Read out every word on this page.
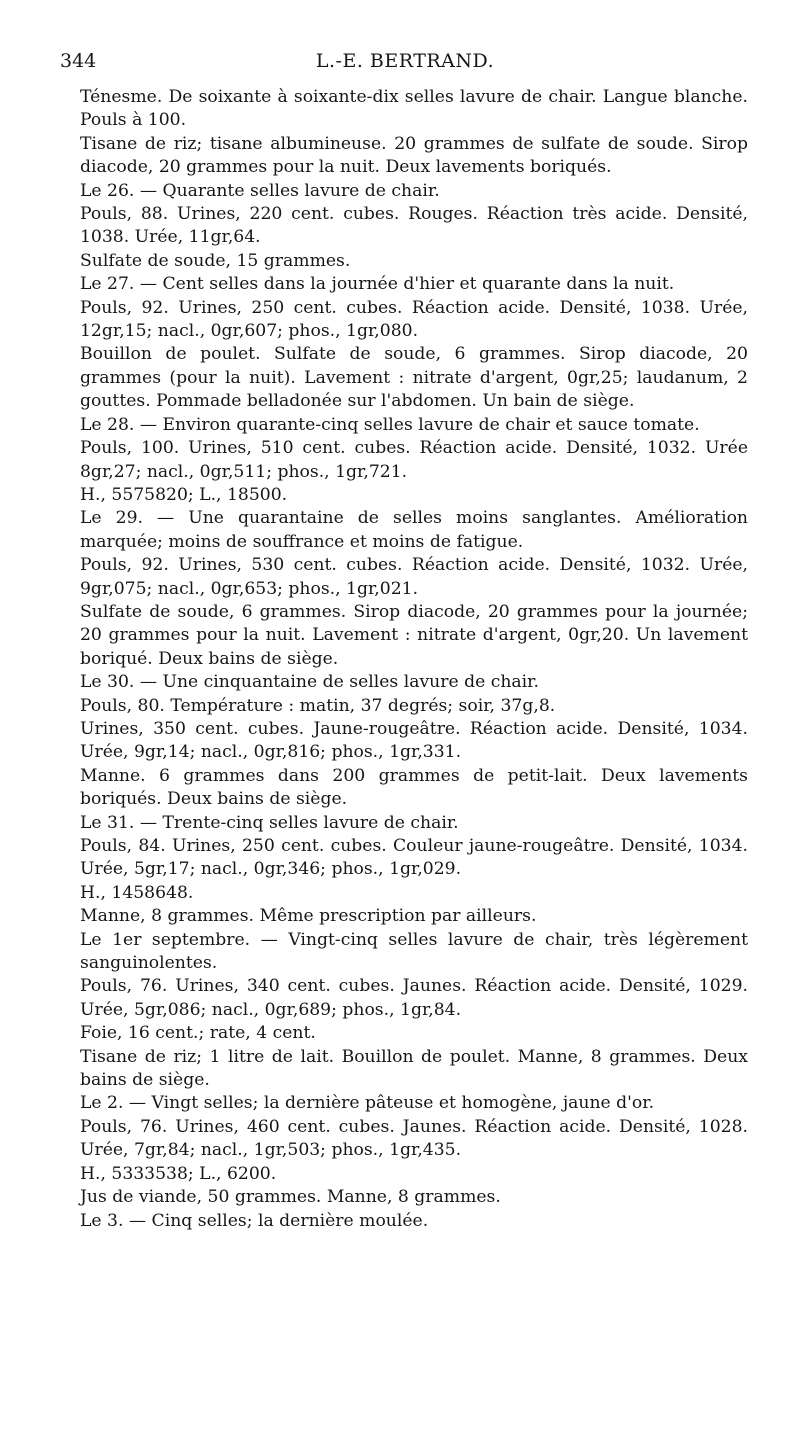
344	L.-E. BERTRAND.

Ténesme. De soixante à soixante-dix selles lavure de chair. Langue blanche. Pouls à 100.

Tisane de riz; tisane albumineuse. 20 grammes de sulfate de soude. Sirop diacode, 20 grammes pour la nuit. Deux lavements boriqués.

Le 26. — Quarante selles lavure de chair.

Pouls, 88. Urines, 220 cent. cubes. Rouges. Réaction très acide. Densité, 1038. Urée, 11gr,64.

Sulfate de soude, 15 grammes.

Le 27. — Cent selles dans la journée d'hier et quarante dans la nuit.

Pouls, 92. Urines, 250 cent. cubes. Réaction acide. Densité, 1038. Urée, 12gr,15; nacl., 0gr,607; phos., 1gr,080.

Bouillon de poulet. Sulfate de soude, 6 grammes. Sirop diacode, 20 grammes (pour la nuit). Lavement : nitrate d'argent, 0gr,25; laudanum, 2 gouttes. Pommade belladonée sur l'abdomen. Un bain de siège.

Le 28. — Environ quarante-cinq selles lavure de chair et sauce tomate.

Pouls, 100. Urines, 510 cent. cubes. Réaction acide. Densité, 1032. Urée 8gr,27; nacl., 0gr,511; phos., 1gr,721.

H., 5575820; L., 18500.

Le 29. — Une quarantaine de selles moins sanglantes. Amélioration marquée; moins de souffrance et moins de fatigue.

Pouls, 92. Urines, 530 cent. cubes. Réaction acide. Densité, 1032. Urée, 9gr,075; nacl., 0gr,653; phos., 1gr,021.

Sulfate de soude, 6 grammes. Sirop diacode, 20 grammes pour la journée; 20 grammes pour la nuit. Lavement : nitrate d'argent, 0gr,20. Un lavement boriqué. Deux bains de siège.

Le 30. — Une cinquantaine de selles lavure de chair.

Pouls, 80. Température : matin, 37 degrés; soir, 37g,8.

Urines, 350 cent. cubes. Jaune-rougeâtre. Réaction acide. Densité, 1034. Urée, 9gr,14; nacl., 0gr,816; phos., 1gr,331.

Manne. 6 grammes dans 200 grammes de petit-lait. Deux lavements boriqués. Deux bains de siège.

Le 31. — Trente-cinq selles lavure de chair.

Pouls, 84. Urines, 250 cent. cubes. Couleur jaune-rougeâtre. Densité, 1034. Urée, 5gr,17; nacl., 0gr,346; phos., 1gr,029.

H., 1458648.

Manne, 8 grammes. Même prescription par ailleurs.

Le 1er septembre. — Vingt-cinq selles lavure de chair, très légèrement sanguinolentes.

Pouls, 76. Urines, 340 cent. cubes. Jaunes. Réaction acide. Densité, 1029. Urée, 5gr,086; nacl., 0gr,689; phos., 1gr,84.

Foie, 16 cent.; rate, 4 cent.

Tisane de riz; 1 litre de lait. Bouillon de poulet. Manne, 8 grammes. Deux bains de siège.

Le 2. — Vingt selles; la dernière pâteuse et homogène, jaune d'or.

Pouls, 76. Urines, 460 cent. cubes. Jaunes. Réaction acide. Densité, 1028. Urée, 7gr,84; nacl., 1gr,503; phos., 1gr,435.

H., 5333538; L., 6200.

Jus de viande, 50 grammes. Manne, 8 grammes.

Le 3. — Cinq selles; la dernière moulée.
